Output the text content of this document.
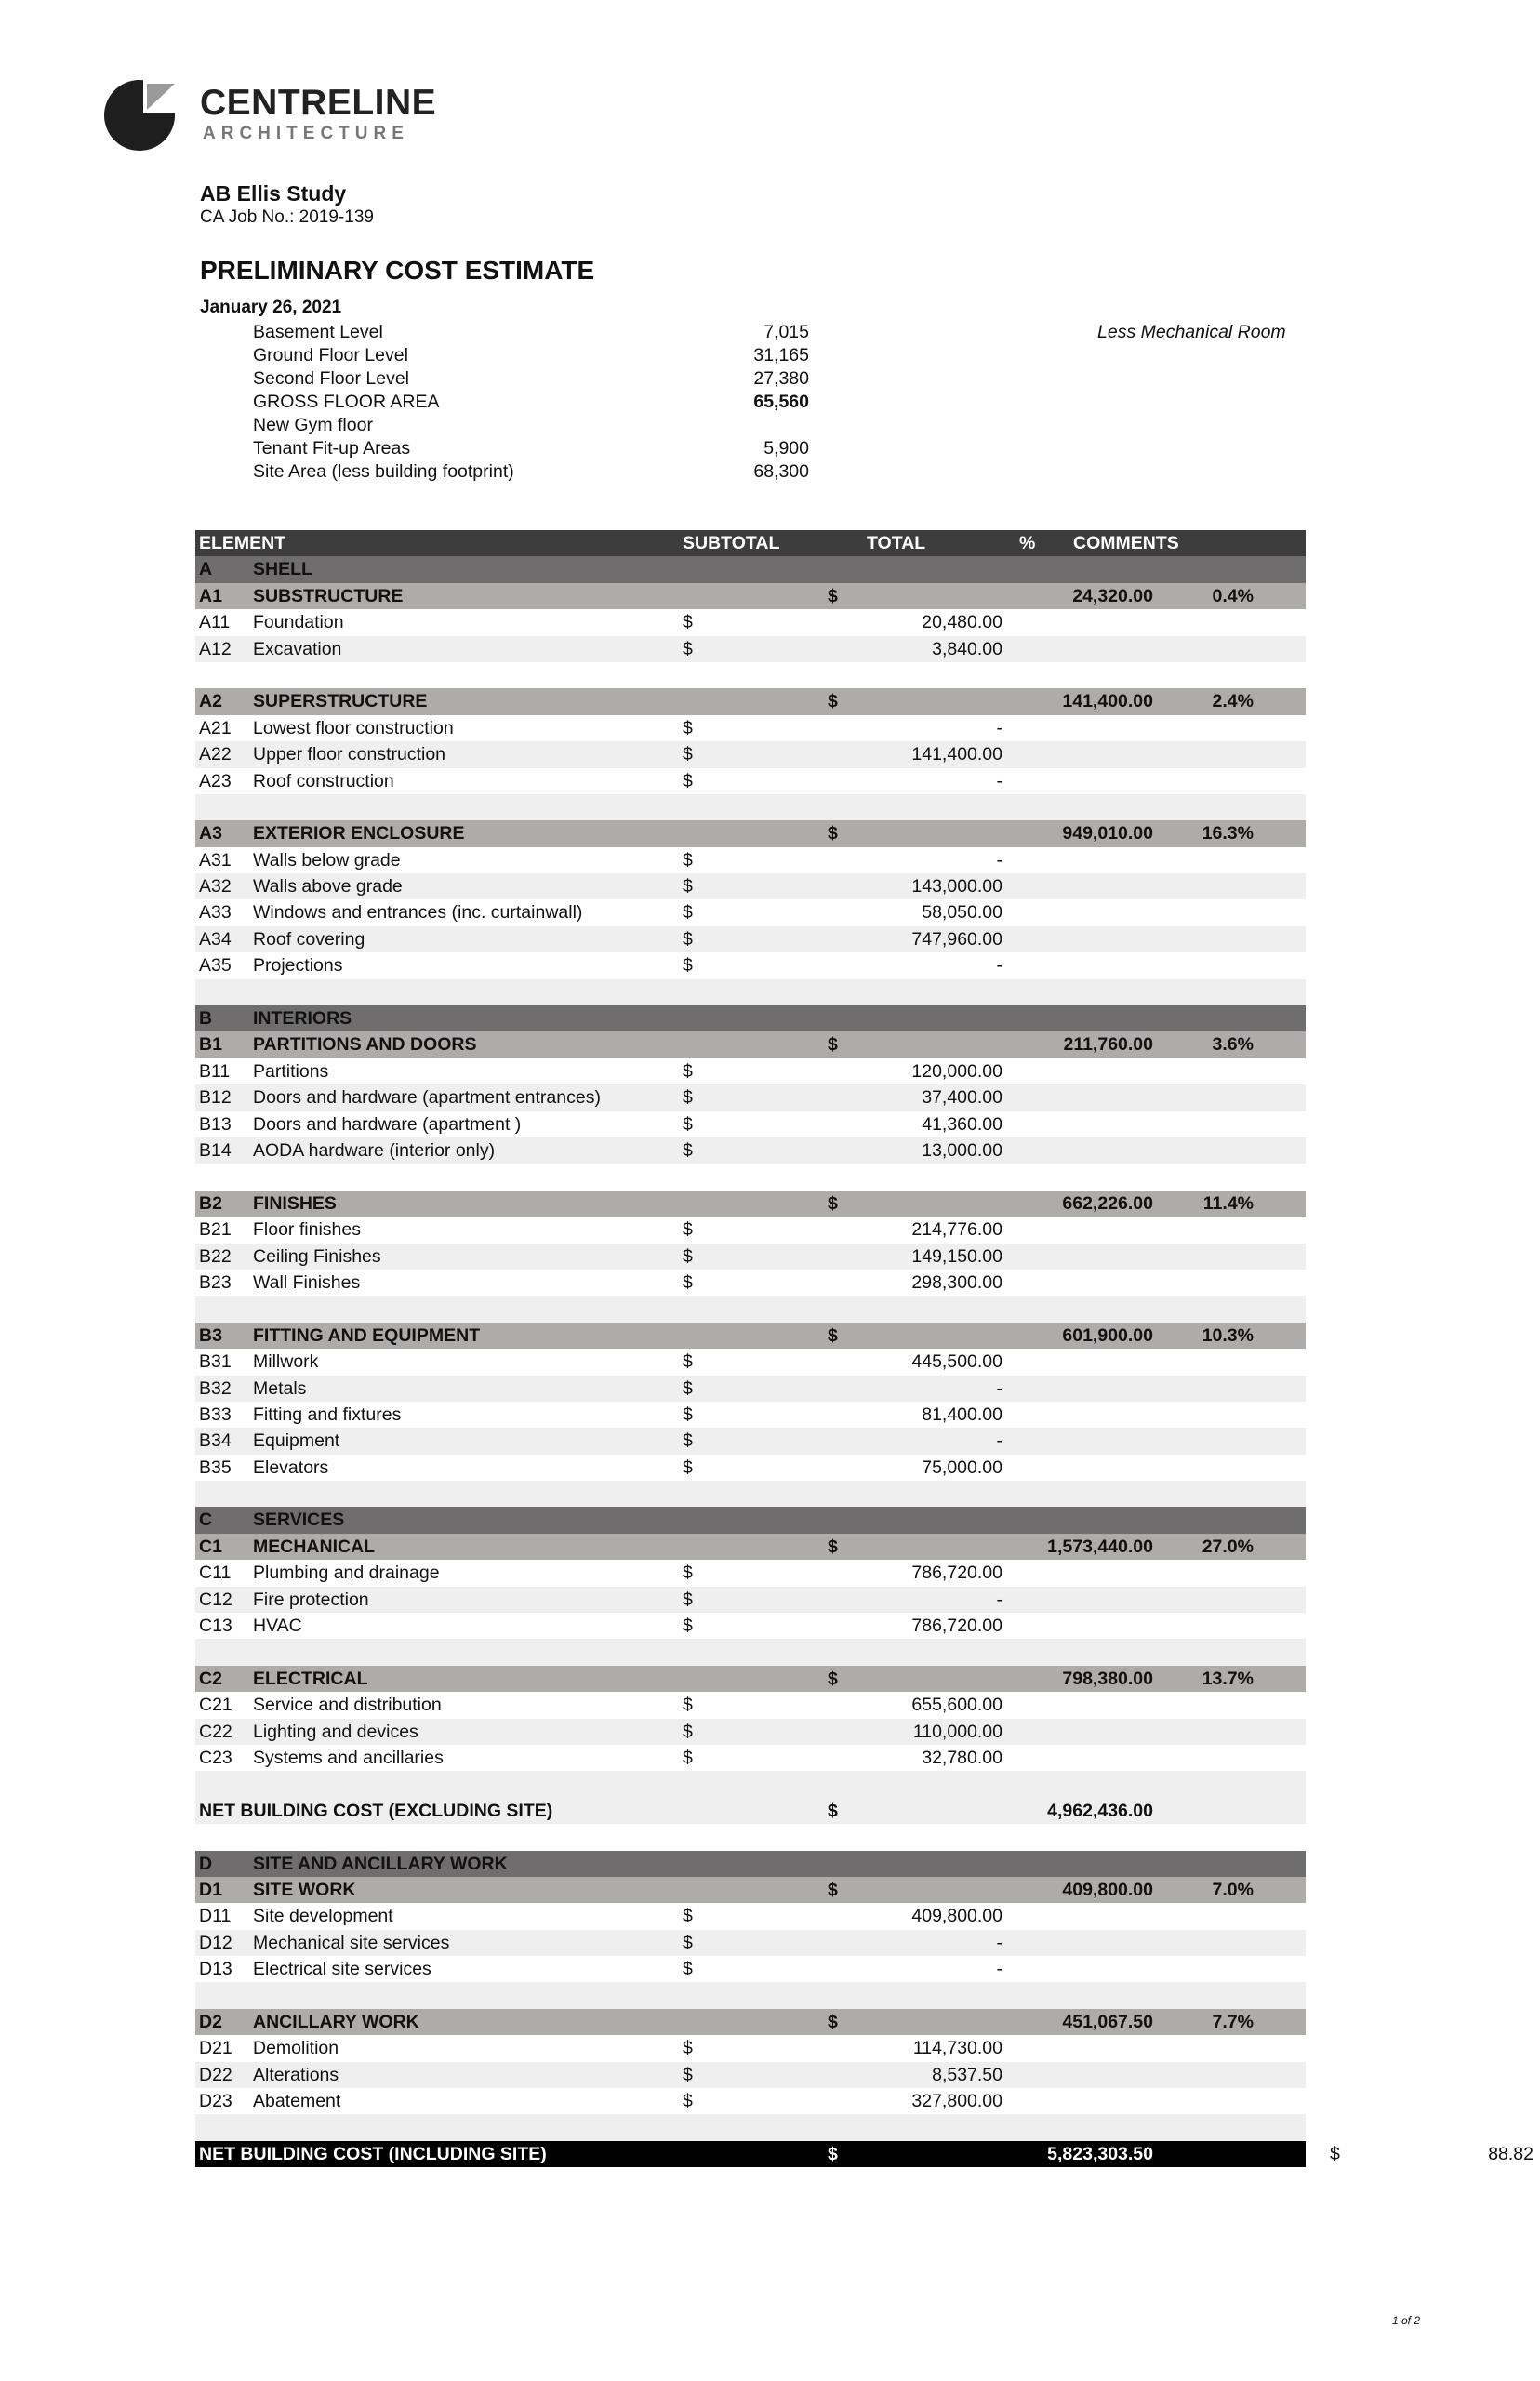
CENTRELINE
ARCHITECTURE
AB Ellis Study
CA Job No.: 2019-139
PRELIMINARY COST ESTIMATE
January 26, 2021
Basement Level	7,015	Less Mechanical Room
Ground Floor Level	31,165
Second Floor Level	27,380
GROSS FLOOR AREA	65,560
New Gym floor
Tenant Fit-up Areas	5,900
Site Area (less building footprint)	68,300
ELEMENT	SUBTOTAL	TOTAL	% COMMENTS
A SHELL
A1 SUBSTRUCTURE	$	24,320.00	0.4%
A11 Foundation	$	20,480.00
A12 Excavation	$	3,840.00
A2 SUPERSTRUCTURE	$	141,400.00	2.4%
A21 Lowest floor construction	$	-
A22 Upper floor construction	$	141,400.00
A23 Roof construction	$	-
A3 EXTERIOR ENCLOSURE	$	949,010.00	16.3%
A31 Walls below grade	$	-
A32 Walls above grade	$	143,000.00
A33 Windows and entrances (inc. curtainwall)	$	58,050.00
A34 Roof covering	$	747,960.00
A35 Projections	$	-
B INTERIORS
B1 PARTITIONS AND DOORS	$	211,760.00	3.6%
B11 Partitions	$	120,000.00
B12 Doors and hardware (apartment entrances)	$	37,400.00
B13 Doors and hardware (apartment )	$	41,360.00
B14 AODA hardware (interior only)	$	13,000.00
B2 FINISHES	$	662,226.00	11.4%
B21 Floor finishes	$	214,776.00
B22 Ceiling Finishes	$	149,150.00
B23 Wall Finishes	$	298,300.00
B3 FITTING AND EQUIPMENT	$	601,900.00	10.3%
B31 Millwork	$	445,500.00
B32 Metals	$	-
B33 Fitting and fixtures	$	81,400.00
B34 Equipment	$	-
B35 Elevators	$	75,000.00
C SERVICES
C1 MECHANICAL	$	1,573,440.00	27.0%
C11 Plumbing and drainage	$	786,720.00
C12 Fire protection	$	-
C13 HVAC	$	786,720.00
C2 ELECTRICAL	$	798,380.00	13.7%
C21 Service and distribution	$	655,600.00
C22 Lighting and devices	$	110,000.00
C23 Systems and ancillaries	$	32,780.00
NET BUILDING COST (EXCLUDING SITE)	$	4,962,436.00
D SITE AND ANCILLARY WORK
D1 SITE WORK	$	409,800.00	7.0%
D11 Site development	$	409,800.00
D12 Mechanical site services	$	-
D13 Electrical site services	$	-
D2 ANCILLARY WORK	$	451,067.50	7.7%
D21 Demolition	$	114,730.00
D22 Alterations	$	8,537.50
D23 Abatement	$	327,800.00
NET BUILDING COST (INCLUDING SITE)	$	5,823,303.50	$	88.82
1 of 2
